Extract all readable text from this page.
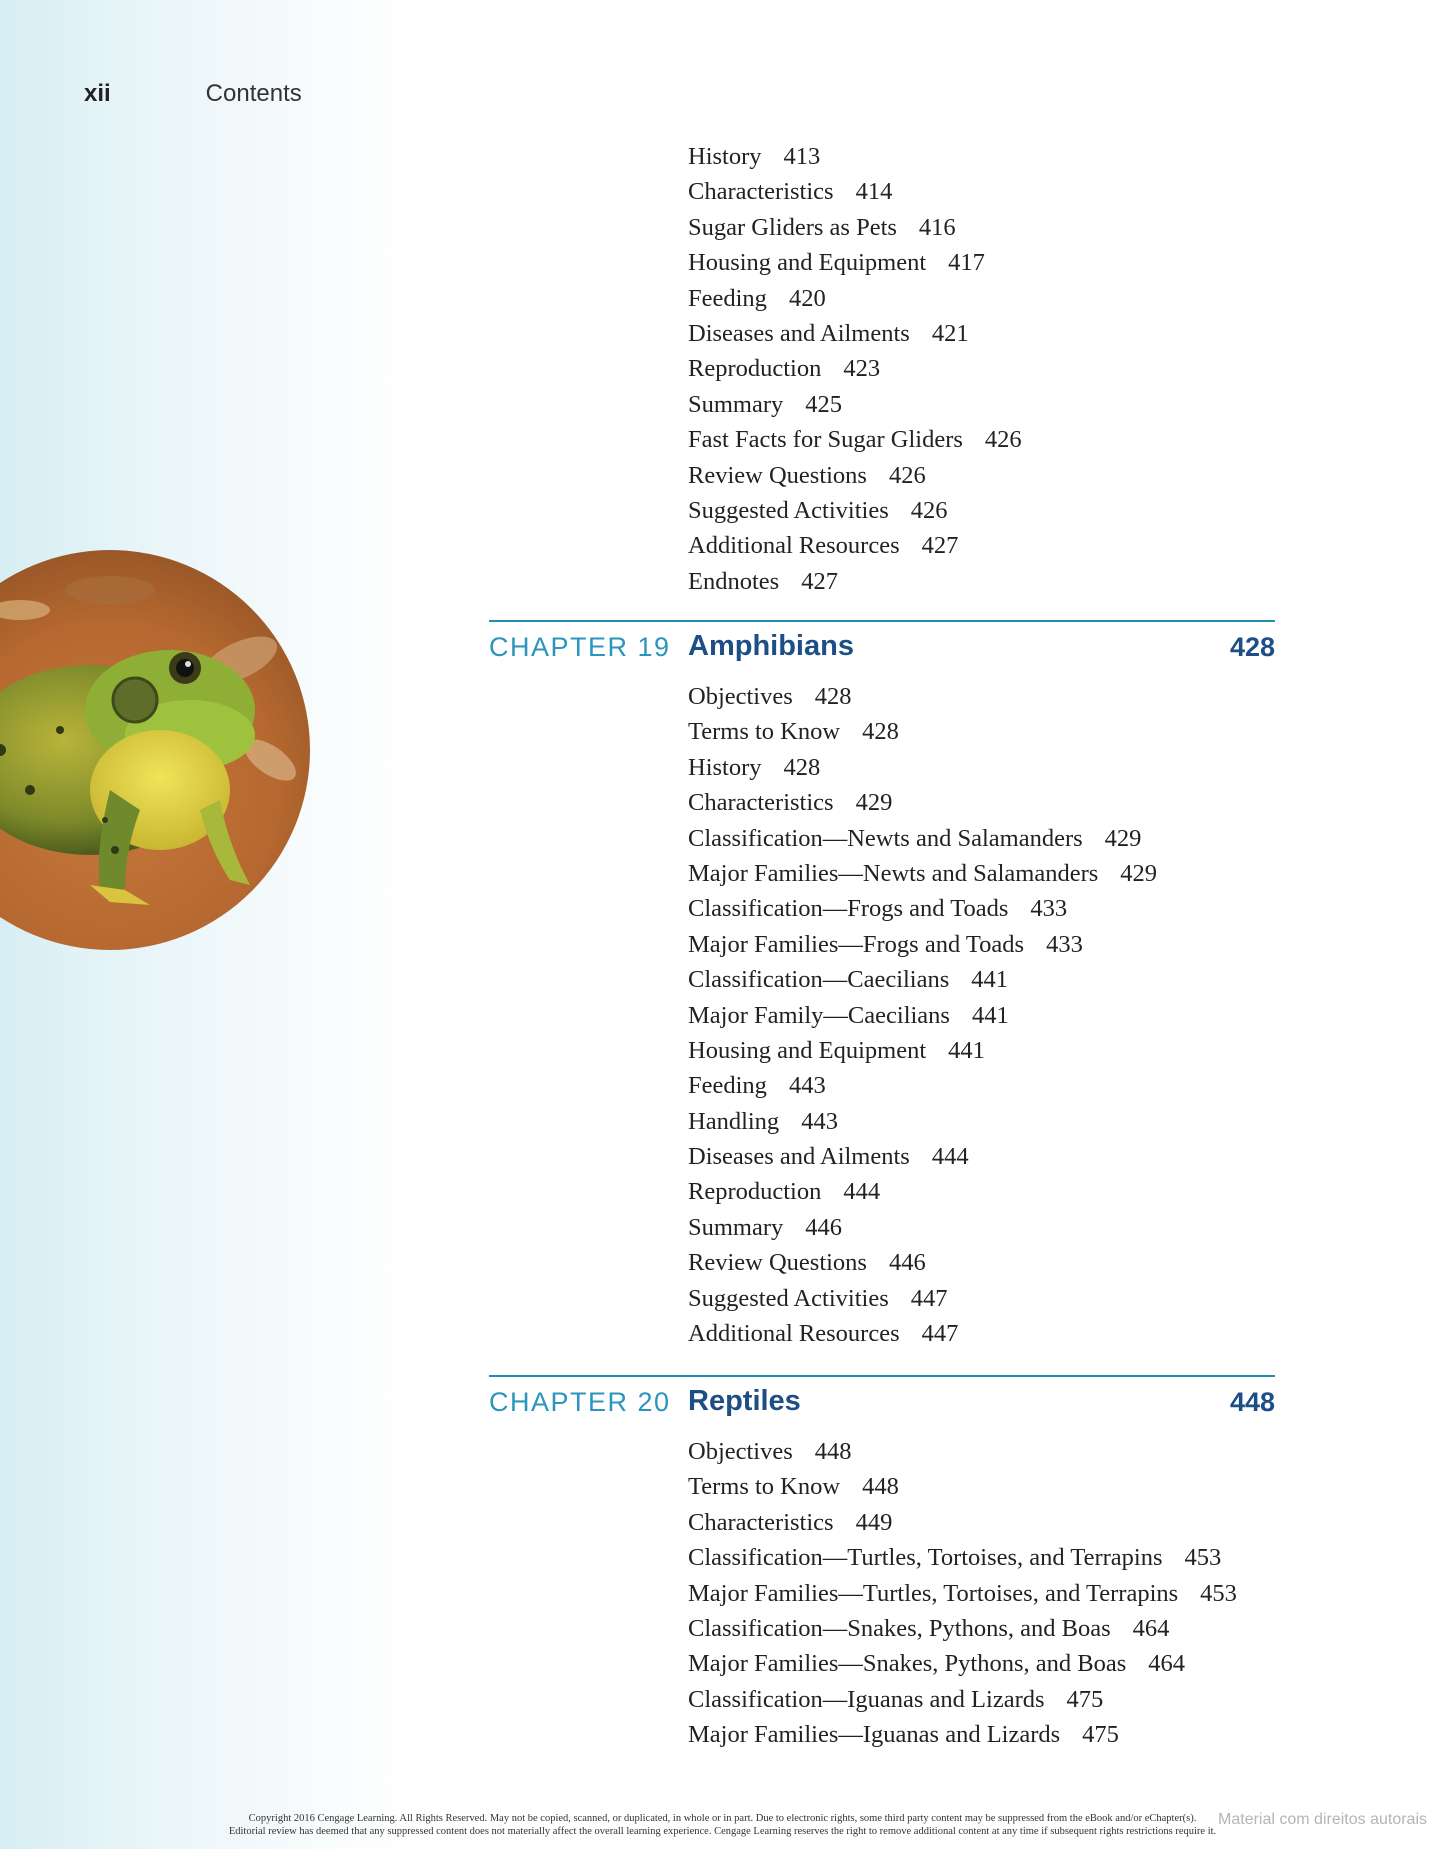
xii	Contents
History 413
Characteristics 414
Sugar Gliders as Pets 416
Housing and Equipment 417
Feeding 420
Diseases and Ailments 421
Reproduction 423
Summary 425
Fast Facts for Sugar Gliders 426
Review Questions 426
Suggested Activities 426
Additional Resources 427
Endnotes 427
CHAPTER 19 Amphibians	428
Objectives 428
Terms to Know 428
History 428
Characteristics 429
Classification—Newts and Salamanders 429
Major Families—Newts and Salamanders 429
Classification—Frogs and Toads 433
Major Families—Frogs and Toads 433
Classification—Caecilians 441
Major Family—Caecilians 441
Housing and Equipment 441
Feeding 443
Handling 443
Diseases and Ailments 444
Reproduction 444
Summary 446
Review Questions 446
Suggested Activities 447
Additional Resources 447
CHAPTER 20 Reptiles	448
Objectives 448
Terms to Know 448
Characteristics 449
Classification—Turtles, Tortoises, and Terrapins 453
Major Families—Turtles, Tortoises, and Terrapins 453
Classification—Snakes, Pythons, and Boas 464
Major Families—Snakes, Pythons, and Boas 464
Classification—Iguanas and Lizards 475
Major Families—Iguanas and Lizards 475
Copyright 2016 Cengage Learning. All Rights Reserved. May not be copied, scanned, or duplicated, in whole or in part. Due to electronic rights, some third party content may be suppressed from the eBook and/or eChapter(s).
Editorial review has deemed that any suppressed content does not materially affect the overall learning experience. Cengage Learning reserves the right to remove additional content at any time if subsequent rights restrictions require it.
Material com direitos autorais
